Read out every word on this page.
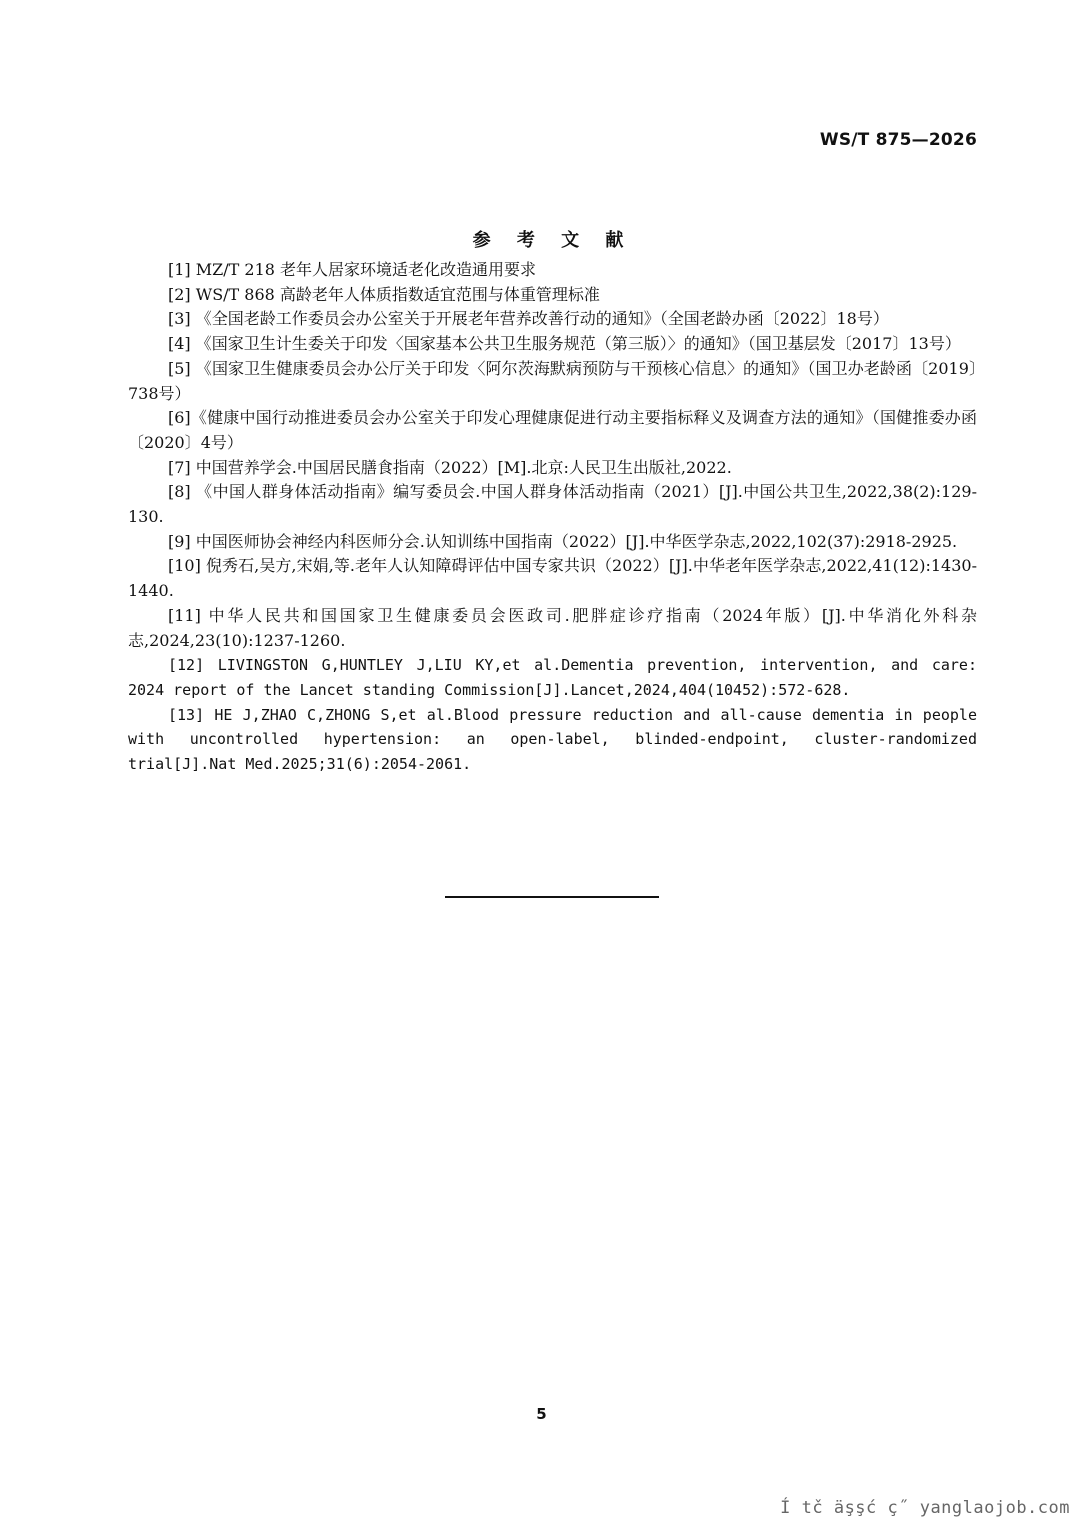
WS/T 875—2026
参 考 文 献
[1] MZ/T 218 老年人居家环境适老化改造通用要求
[2] WS/T 868 高龄老年人体质指数适宜范围与体重管理标准
[3] 《全国老龄工作委员会办公室关于开展老年营养改善行动的通知》（全国老龄办函〔2022〕18号）
[4] 《国家卫生计生委关于印发〈国家基本公共卫生服务规范（第三版）〉的通知》（国卫基层发〔2017〕13号）
[5] 《国家卫生健康委员会办公厅关于印发〈阿尔茨海默病预防与干预核心信息〉的通知》（国卫办老龄函〔2019〕738号）
[6]《健康中国行动推进委员会办公室关于印发心理健康促进行动主要指标释义及调查方法的通知》（国健推委办函〔2020〕4号）
[7] 中国营养学会.中国居民膳食指南（2022）[M].北京:人民卫生出版社,2022.
[8] 《中国人群身体活动指南》编写委员会.中国人群身体活动指南（2021）[J].中国公共卫生,2022,38(2):129-130.
[9] 中国医师协会神经内科医师分会.认知训练中国指南（2022）[J].中华医学杂志,2022,102(37):2918-2925.
[10] 倪秀石,吴方,宋娟,等.老年人认知障碍评估中国专家共识（2022）[J].中华老年医学杂志,2022,41(12):1430-1440.
[11] 中华人民共和国国家卫生健康委员会医政司.肥胖症诊疗指南（2024年版）[J].中华消化外科杂志,2024,23(10):1237-1260.
[12] LIVINGSTON G,HUNTLEY J,LIU KY,et al.Dementia prevention, intervention, and care: 2024 report of the Lancet standing Commission[J].Lancet,2024,404(10452):572-628.
[13] HE J,ZHAO C,ZHONG S,et al.Blood pressure reduction and all-cause dementia in people with uncontrolled hypertension: an open-label, blinded-endpoint, cluster-randomized trial[J].Nat Med.2025;31(6):2054-2061.
5
Í tč äşşć ç˝ yanglaojob.com
